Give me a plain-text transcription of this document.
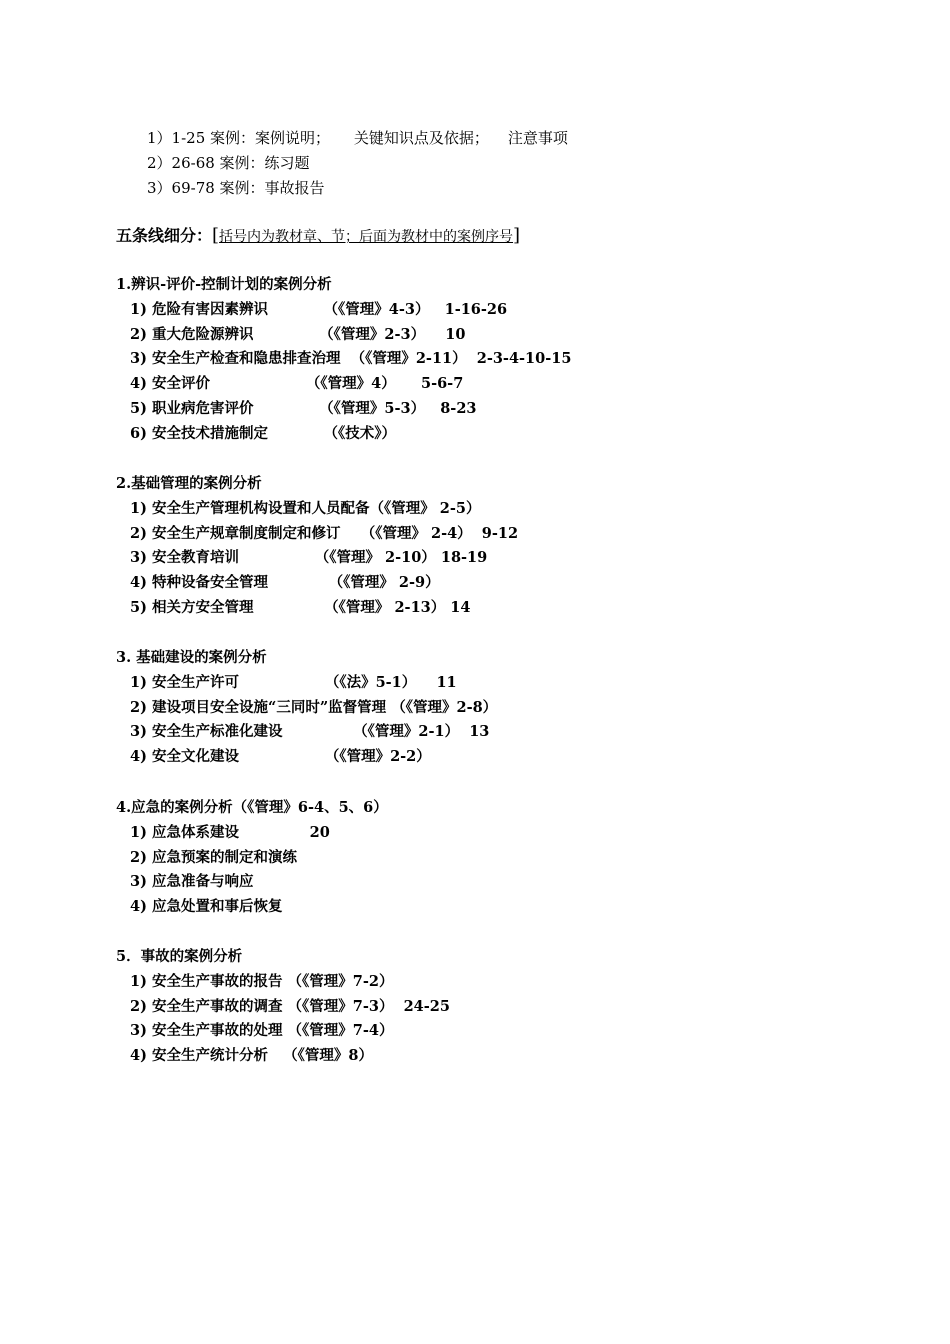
1）1-25 案例：案例说明；     关键知识点及依据；    注意事项
2）26-68 案例：练习题
3）69-78 案例：事故报告
五条线细分：[括号内为教材章、节；后面为教材中的案例序号]
1.辨识-评价-控制计划的案例分析
1) 危险有害因素辨识           （《管理》4-3）   1-16-26
2) 重大危险源辨识             （《管理》2-3）    10
3) 安全生产检查和隐患排查治理  （《管理》2-11）  2-3-4-10-15
4) 安全评价                   （《管理》4）     5-6-7
5) 职业病危害评价             （《管理》5-3）   8-23
6) 安全技术措施制定           （《技术》）
2.基础管理的案例分析
1) 安全生产管理机构设置和人员配备（《管理》 2-5）
2) 安全生产规章制度制定和修订    （《管理》 2-4）  9-12
3) 安全教育培训               （《管理》 2-10） 18-19
4) 特种设备安全管理            （《管理》 2-9）
5) 相关方安全管理              （《管理》 2-13） 14
3. 基础建设的案例分析
1) 安全生产许可                 （《法》5-1）    11
2) 建设项目安全设施“三同时”监督管理 （《管理》2-8）
3) 安全生产标准化建设              （《管理》2-1）  13
4) 安全文化建设                 （《管理》2-2）
4.应急的案例分析（《管理》6-4、5、6）
1) 应急体系建设              20
2) 应急预案的制定和演练
3) 应急准备与响应
4) 应急处置和事后恢复
5．事故的案例分析
1) 安全生产事故的报告 （《管理》7-2）
2) 安全生产事故的调查 （《管理》7-3）  24-25
3) 安全生产事故的处理 （《管理》7-4）
4) 安全生产统计分析   （《管理》8）
